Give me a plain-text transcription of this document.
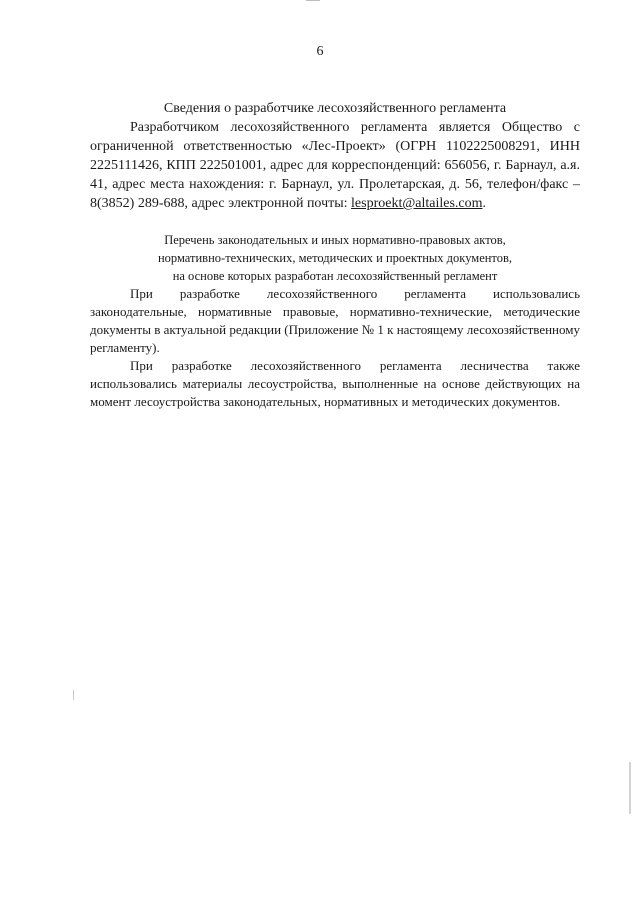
6

Сведения о разработчике лесохозяйственного регламента

Разработчиком лесохозяйственного регламента является Общество с ограниченной ответственностью «Лес-Проект» (ОГРН 1102225008291, ИНН 2225111426, КПП 222501001, адрес для корреспонденций: 656056, г. Барнаул, а.я. 41, адрес места нахождения: г. Барнаул, ул. Пролетарская, д. 56, телефон/факс – 8(3852) 289-688, адрес электронной почты: lesproekt@altailes.com.

Перечень законодательных и иных нормативно-правовых актов,

нормативно-технических, методических и проектных документов,

на основе которых разработан лесохозяйственный регламент

При разработке лесохозяйственного регламента использовались законодательные, нормативные правовые, нормативно-технические, методические документы в актуальной редакции (Приложение № 1 к настоящему лесохозяйственному регламенту).

При разработке лесохозяйственного регламента лесничества также использовались материалы лесоустройства, выполненные на основе действующих на момент лесоустройства законодательных, нормативных и методических документов.
